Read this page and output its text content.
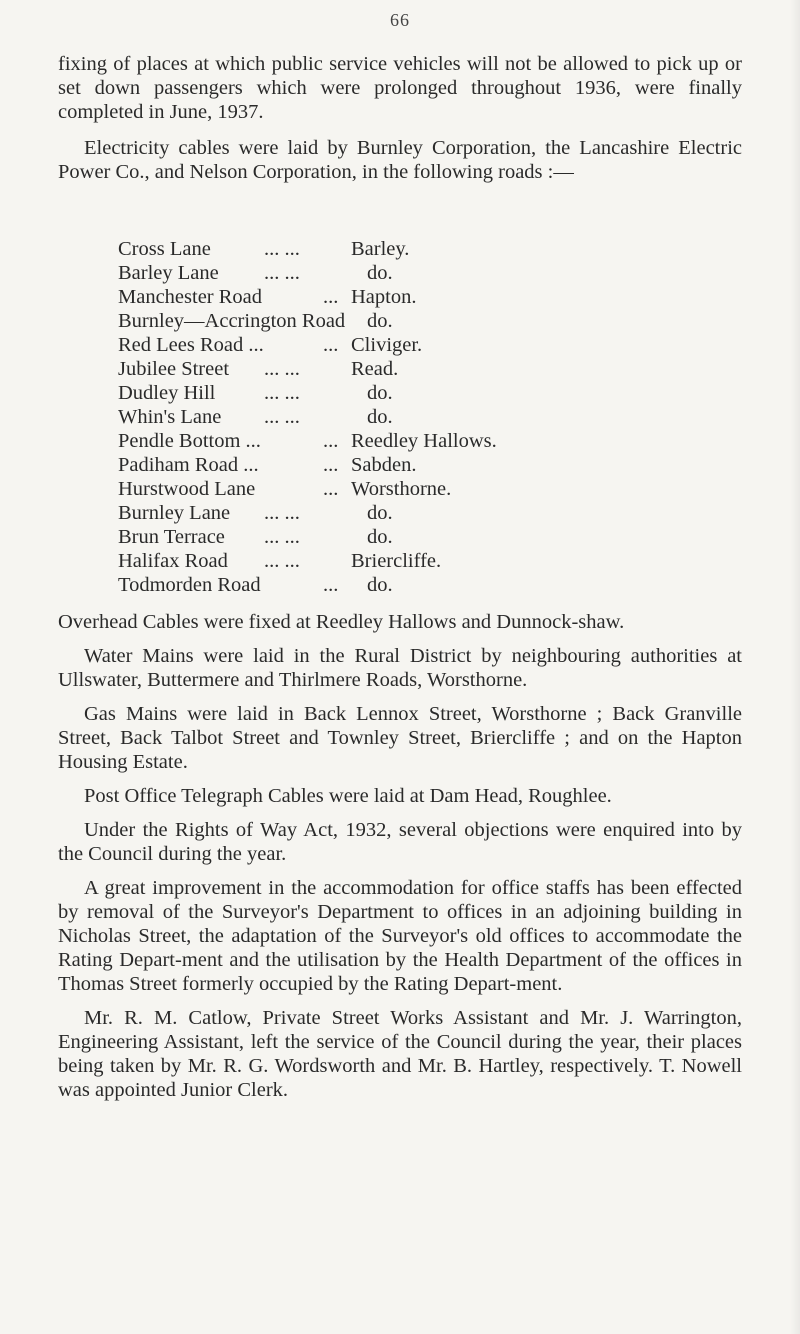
66

fixing of places at which public service vehicles will not be allowed to pick up or set down passengers which were prolonged throughout 1936, were finally completed in June, 1937.

Electricity cables were laid by Burnley Corporation, the Lancashire Electric Power Co., and Nelson Corporation, in the following roads :—

Cross Lane	... ... Barley.
Barley Lane ... ...	do.
Manchester Road	... Hapton.
Burnley—Accrington Road do.
Red Lees Road ...	... Cliviger.
Jubilee Street ... ... Read.
Dudley Hill ... ...	do.
Whin's Lane ... ...	do.
Pendle Bottom ...	... Reedley Hallows.
Padiham Road ...	... Sabden.
Hurstwood Lane	... Worsthorne.
Burnley Lane ... ...	do.
Brun Terrace ... ...	do.
Halifax Road ... ... Briercliffe.
Todmorden Road	... do.

Overhead Cables were fixed at Reedley Hallows and Dunnock-shaw.

Water Mains were laid in the Rural District by neighbouring authorities at Ullswater, Buttermere and Thirlmere Roads, Worsthorne.

Gas Mains were laid in Back Lennox Street, Worsthorne ; Back Granville Street, Back Talbot Street and Townley Street, Briercliffe ; and on the Hapton Housing Estate.

Post Office Telegraph Cables were laid at Dam Head, Roughlee.

Under the Rights of Way Act, 1932, several objections were enquired into by the Council during the year.

A great improvement in the accommodation for office staffs has been effected by removal of the Surveyor's Department to offices in an adjoining building in Nicholas Street, the adaptation of the Surveyor's old offices to accommodate the Rating Depart-ment and the utilisation by the Health Department of the offices in Thomas Street formerly occupied by the Rating Depart-ment.

Mr. R. M. Catlow, Private Street Works Assistant and Mr. J. Warrington, Engineering Assistant, left the service of the Council during the year, their places being taken by Mr. R. G. Wordsworth and Mr. B. Hartley, respectively. T. Nowell was appointed Junior Clerk.
